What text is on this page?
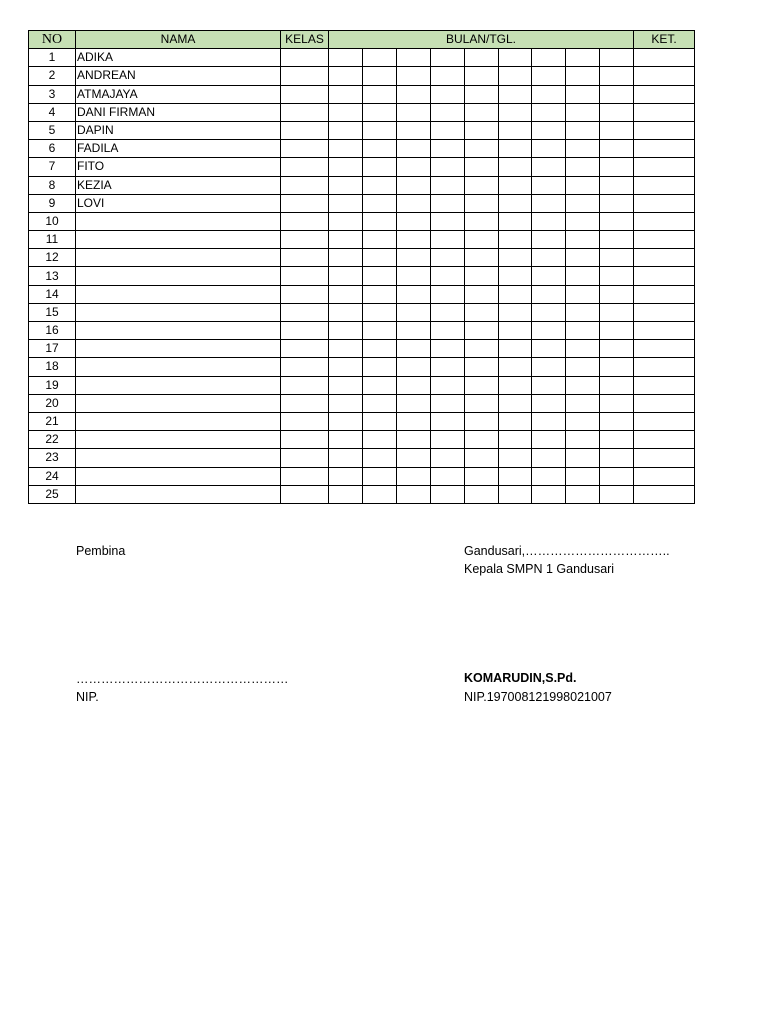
NO	NAMA	KELAS	BULAN/TGL.									KET.
1	ADIKA											
2	ANDREAN											
3	ATMAJAYA											
4	DANI FIRMAN											
5	DAPIN											
6	FADILA											
7	FITO											
8	KEZIA											
9	LOVI											
10												
11												
12												
13												
14												
15												
16												
17												
18												
19												
20												
21												
22												
23												
24												
25												
Pembina
……………………………………………
NIP.
Gandusari,……………………………..
Kepala SMPN 1 Gandusari
KOMARUDIN,S.Pd.
NIP.197008121998021007
